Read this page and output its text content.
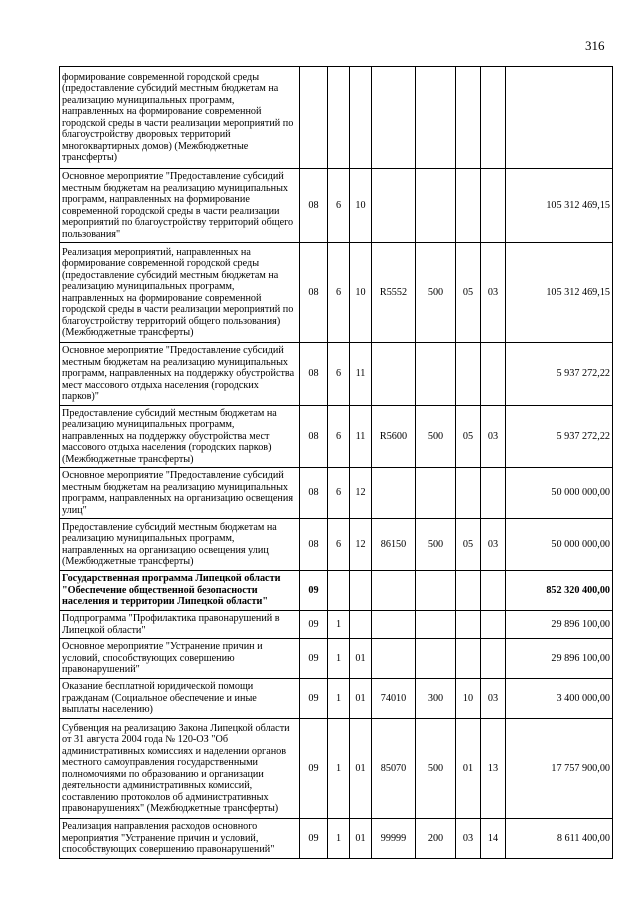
316
формирование современной городской среды (предоставление субсидий местным бюджетам на реализацию муниципальных программ, направленных на формирование современной городской среды в части реализации мероприятий по благоустройству дворовых территорий многоквартирных домов) (Межбюджетные трансферты)								
Основное мероприятие "Предоставление субсидий местным бюджетам на реализацию муниципальных программ, направленных на формирование современной городской среды в части реализации мероприятий по благоустройству территорий общего пользования"	08	6	10					105 312 469,15
Реализация мероприятий, направленных на формирование современной городской среды (предоставление субсидий местным бюджетам на реализацию муниципальных программ, направленных на формирование современной городской среды в части реализации мероприятий по благоустройству территорий общего пользования) (Межбюджетные трансферты)	08	6	10	R5552	500	05	03	105 312 469,15
Основное мероприятие "Предоставление субсидий местным бюджетам на реализацию муниципальных программ, направленных на поддержку обустройства мест массового отдыха населения (городских парков)"	08	6	11					5 937 272,22
Предоставление субсидий местным бюджетам на реализацию муниципальных программ, направленных на поддержку обустройства мест массового отдыха населения (городских парков) (Межбюджетные трансферты)	08	6	11	R5600	500	05	03	5 937 272,22
Основное мероприятие "Предоставление субсидий местным бюджетам на реализацию муниципальных программ, направленных на организацию освещения улиц"	08	6	12					50 000 000,00
Предоставление субсидий местным бюджетам на реализацию муниципальных программ, направленных на организацию освещения улиц (Межбюджетные трансферты)	08	6	12	86150	500	05	03	50 000 000,00
Государственная программа Липецкой области "Обеспечение общественной безопасности населения и территории Липецкой области"	09							852 320 400,00
Подпрограмма "Профилактика правонарушений в Липецкой области"	09	1						29 896 100,00
Основное мероприятие "Устранение причин и условий, способствующих совершению правонарушений"	09	1	01					29 896 100,00
Оказание бесплатной юридической помощи гражданам (Социальное обеспечение и иные выплаты населению)	09	1	01	74010	300	10	03	3 400 000,00
Субвенция на реализацию Закона Липецкой области от 31 августа 2004 года № 120-ОЗ "Об административных комиссиях и наделении органов местного самоуправления государственными полномочиями по образованию и организации деятельности административных комиссий, составлению протоколов об административных правонарушениях" (Межбюджетные трансферты)	09	1	01	85070	500	01	13	17 757 900,00
Реализация направления расходов основного мероприятия "Устранение причин и условий, способствующих совершению правонарушений"	09	1	01	99999	200	03	14	8 611 400,00
